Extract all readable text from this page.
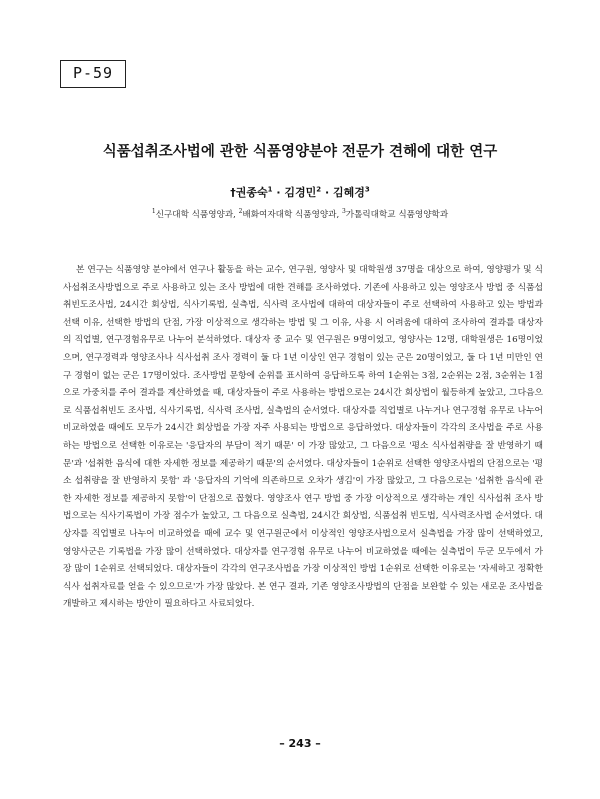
P-59
식품섭취조사법에 관한 식품영양분야 전문가 견해에 대한 연구
†권종숙$^1$ · 김경민$^2$ · 김혜경$^3$
$^1$신구대학 식품영양과, $^2$배화여자대학 식품영양과, $^3$가톨릭대학교 식품영양학과

본 연구는 식품영양 분야에서 연구나 활동을 하는 교수, 연구원, 영양사 및 대학원생 37명을 대상으로 하여, 영양평가 및 식사섭취조사방법으로 주로 사용하고 있는 조사 방법에 대한 견해를 조사하였다. 기존에 사용하고 있는 영양조사 방법 중 식품섭취빈도조사법, 24시간 회상법, 식사기록법, 실측법, 식사력 조사법에 대하여 대상자들이 주로 선택하여 사용하고 있는 방법과 선택 이유, 선택한 방법의 단점, 가장 이상적으로 생각하는 방법 및 그 이유, 사용 시 어려움에 대하여 조사하여 결과를 대상자의 직업별, 연구경험유무로 나누어 분석하였다. 대상자 중 교수 및 연구원은 9명이었고, 영양사는 12명, 대학원생은 16명이었으며, 연구경력과 영양조사나 식사섭취 조사 경력이 둘 다 1년 이상인 연구 경험이 있는 군은 20명이었고, 둘 다 1년 미만인 연구 경험이 없는 군은 17명이었다. 조사방법 문항에 순위를 표시하여 응답하도록 하여 1순위는 3점, 2순위는 2점, 3순위는 1점으로 가중치를 주어 결과를 계산하였을 때, 대상자들이 주로 사용하는 방법으로는 24시간 회상법이 월등하게 높았고, 그다음으로 식품섭취빈도 조사법, 식사기록법, 식사력 조사법, 실측법의 순서였다. 대상자를 직업별로 나누거나 연구경험 유무로 나누어 비교하였을 때에도 모두가 24시간 회상법을 가장 자주 사용되는 방법으로 응답하였다. 대상자들이 각각의 조사법을 주로 사용하는 방법으로 선택한 이유로는 '응답자의 부담이 적기 때문' 이 가장 많았고, 그 다음으로 '평소 식사섭취량을 잘 반영하기 때문'과 '섭취한 음식에 대한 자세한 정보를 제공하기 때문'의 순서였다. 대상자들이 1순위로 선택한 영양조사법의 단점으로는 '평소 섭취량을 잘 반영하지 못함' 과 '응답자의 기억에 의존하므로 오차가 생김'이 가장 많았고, 그 다음으로는 '섭취한 음식에 관한 자세한 정보를 제공하지 못함'이 단점으로 꼽혔다. 영양조사 연구 방법 중 가장 이상적으로 생각하는 개인 식사섭취 조사 방법으로는 식사기록법이 가장 점수가 높았고, 그 다음으로 실측법, 24시간 회상법, 식품섭취 빈도법, 식사력조사법 순서였다. 대상자를 직업별로 나누어 비교하였을 때에 교수 및 연구원군에서 이상적인 영양조사법으로서 실측법을 가장 많이 선택하였고, 영양사군은 기록법을 가장 많이 선택하였다. 대상자를 연구경험 유무로 나누어 비교하였을 때에는 실측법이 두군 모두에서 가장 많이 1순위로 선택되었다. 대상자들이 각각의 연구조사법을 가장 이상적인 방법 1순위로 선택한 이유로는 '자세하고 정확한 식사 섭취자료를 얻을 수 있으므로'가 가장 많았다. 본 연구 결과, 기존 영양조사방법의 단점을 보완할 수 있는 새로운 조사법을 개발하고 제시하는 방안이 필요하다고 사료되었다.

– 243 –
